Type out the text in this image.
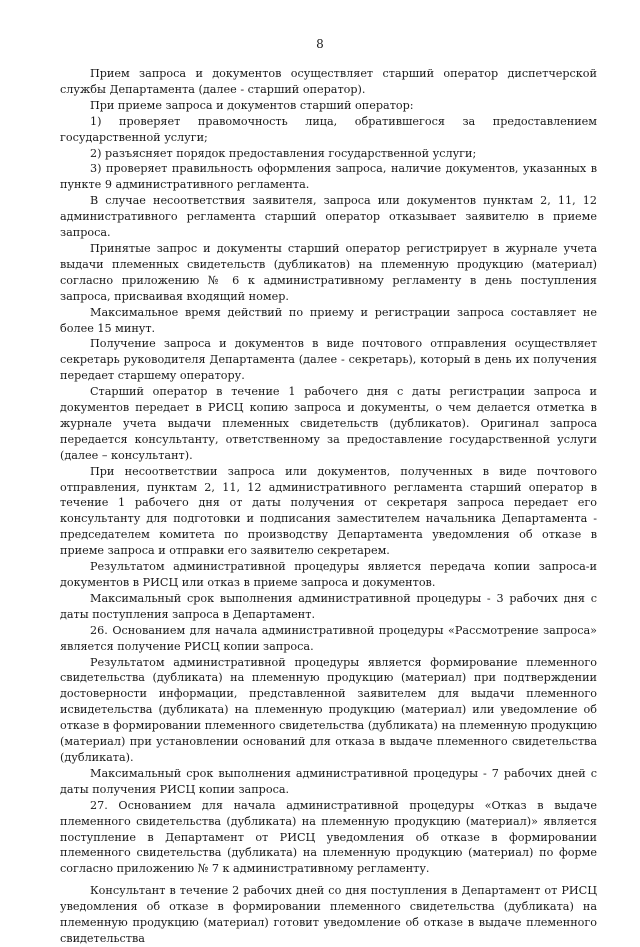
8

Прием запроса и документов осуществляет старший оператор диспетчерской службы Департамента (далее - старший оператор).

При приеме запроса и документов старший оператор:

1) проверяет правомочность лица, обратившегося за предоставлением государственной услуги;

2) разъясняет порядок предоставления государственной услуги;

3) проверяет правильность оформления запроса, наличие документов, указанных в пункте 9 административного регламента.

В случае несоответствия заявителя, запроса или документов пунктам 2, 11, 12 административного регламента старший оператор отказывает заявителю в приеме запроса.

Принятые запрос и документы старший оператор регистрирует в журнале учета выдачи племенных свидетельств (дубликатов) на племенную продукцию (материал) согласно приложению № 6 к административному регламенту в день поступления запроса, присваивая входящий номер.

Максимальное время действий по приему и регистрации запроса составляет не более 15 минут.

Получение запроса и документов в виде почтового отправления осуществляет секретарь руководителя Департамента (далее - секретарь), который в день их получения передает старшему оператору.

Старший оператор в течение 1 рабочего дня с даты регистрации запроса и документов передает в РИСЦ копию запроса и документы, о чем делается отметка в журнале учета выдачи племенных свидетельств (дубликатов). Оригинал запроса передается консультанту, ответственному за предоставление государственной услуги (далее – консультант).

При несоответствии запроса или документов, полученных в виде почтового отправления, пунктам 2, 11, 12 административного регламента старший оператор в течение 1 рабочего дня от даты получения от секретаря запроса передает его консультанту для подготовки и подписания заместителем начальника Департамента - председателем комитета по производству Департамента уведомления об отказе в приеме запроса и отправки его заявителю секретарем.

Результатом административной процедуры является передача копии запроса-и документов в РИСЦ или отказ в приеме запроса и документов.

Максимальный срок выполнения административной процедуры - 3 рабочих дня с даты поступления запроса в Департамент.

26. Основанием для начала административной процедуры «Рассмотрение запроса» является получение РИСЦ копии запроса.

Результатом административной процедуры является формирование племенного свидетельства (дубликата) на племенную продукцию (материал) при подтверждении достоверности информации, представленной заявителем для выдачи племенного исвидетельства (дубликата) на племенную продукцию (материал) или уведомление об отказе в формировании племенного свидетельства (дубликата) на племенную продукцию (материал) при установлении оснований для отказа в выдаче племенного свидетельства (дубликата).

Максимальный срок выполнения административной процедуры - 7 рабочих дней с даты получения РИСЦ копии запроса.

27. Основанием для начала административной процедуры «Отказ в выдаче племенного свидетельства (дубликата) на племенную продукцию (материал)» является поступление в Департамент от РИСЦ уведомления об отказе в формировании племенного свидетельства (дубликата) на племенную продукцию (материал) по форме согласно приложению № 7 к административному регламенту.

Консультант в течение 2 рабочих дней со дня поступления в Департамент от РИСЦ уведомления об отказе в формировании племенного свидетельства (дубликата) на племенную продукцию (материал) готовит уведомление об отказе в выдаче племенного свидетельства
